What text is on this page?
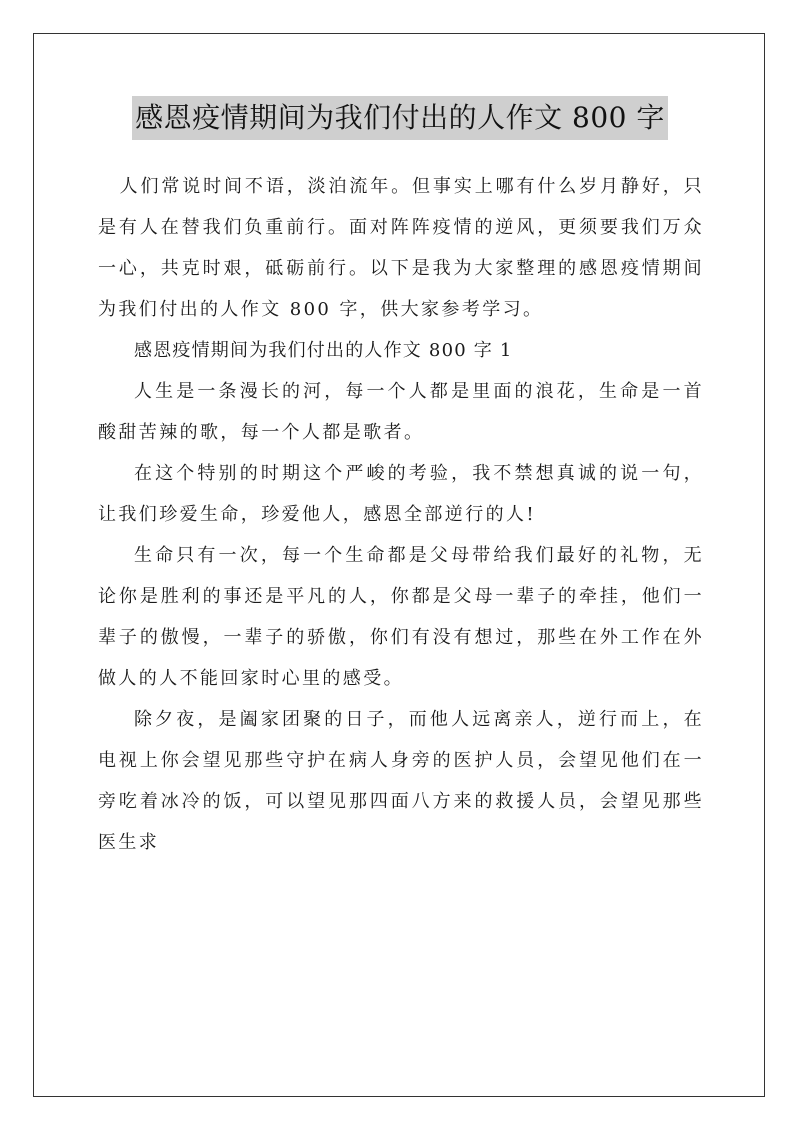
感恩疫情期间为我们付出的人作文 800 字

人们常说时间不语，淡泊流年。但事实上哪有什么岁月静好，只是有人在替我们负重前行。面对阵阵疫情的逆风，更须要我们万众一心，共克时艰，砥砺前行。以下是我为大家整理的感恩疫情期间为我们付出的人作文 800 字，供大家参考学习。

感恩疫情期间为我们付出的人作文 800 字 1

人生是一条漫长的河，每一个人都是里面的浪花，生命是一首酸甜苦辣的歌，每一个人都是歌者。

在这个特别的时期这个严峻的考验，我不禁想真诚的说一句，让我们珍爱生命，珍爱他人，感恩全部逆行的人!

生命只有一次，每一个生命都是父母带给我们最好的礼物，无论你是胜利的事还是平凡的人，你都是父母一辈子的牵挂，他们一辈子的傲慢，一辈子的骄傲，你们有没有想过，那些在外工作在外做人的人不能回家时心里的感受。

除夕夜，是阖家团聚的日子，而他人远离亲人，逆行而上，在电视上你会望见那些守护在病人身旁的医护人员，会望见他们在一旁吃着冰冷的饭，可以望见那四面八方来的救援人员，会望见那些医生求
